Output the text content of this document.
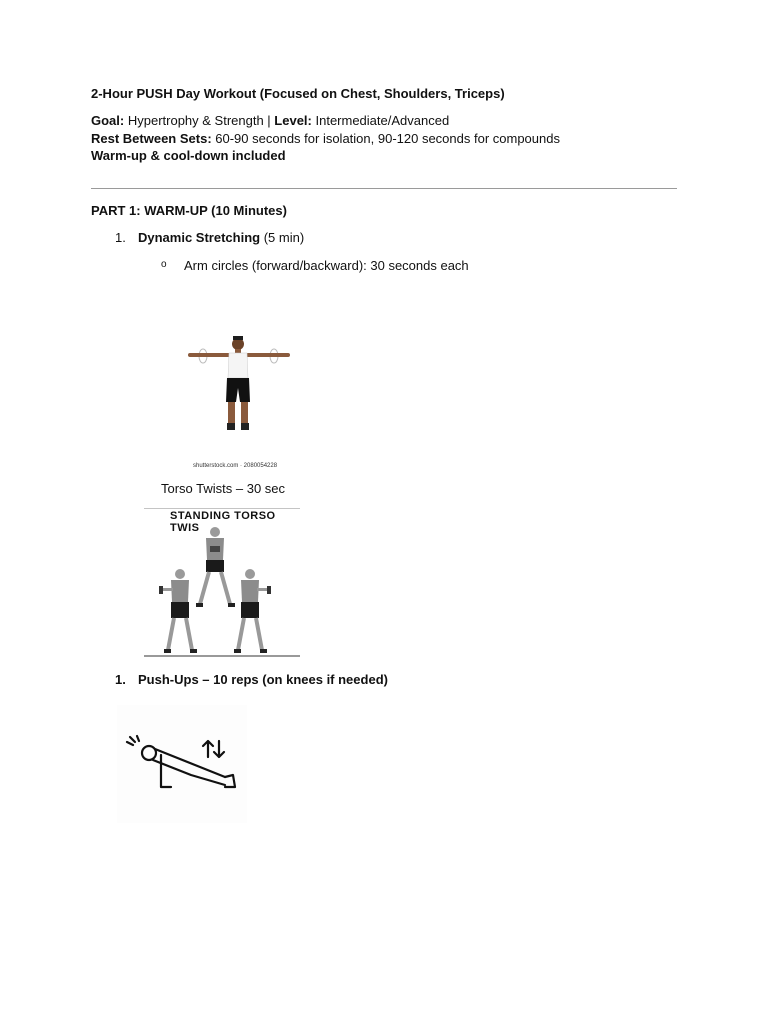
2-Hour PUSH Day Workout (Focused on Chest, Shoulders, Triceps)
Goal: Hypertrophy & Strength | Level: Intermediate/Advanced
Rest Between Sets: 60-90 seconds for isolation, 90-120 seconds for compounds
Warm-up & cool-down included
PART 1: WARM-UP (10 Minutes)
1. Dynamic Stretching (5 min)
o Arm circles (forward/backward): 30 seconds each
shutterstock.com · 2080054228
Torso Twists – 30 sec
STANDING TORSO TWIS
1. Push-Ups – 10 reps (on knees if needed)
